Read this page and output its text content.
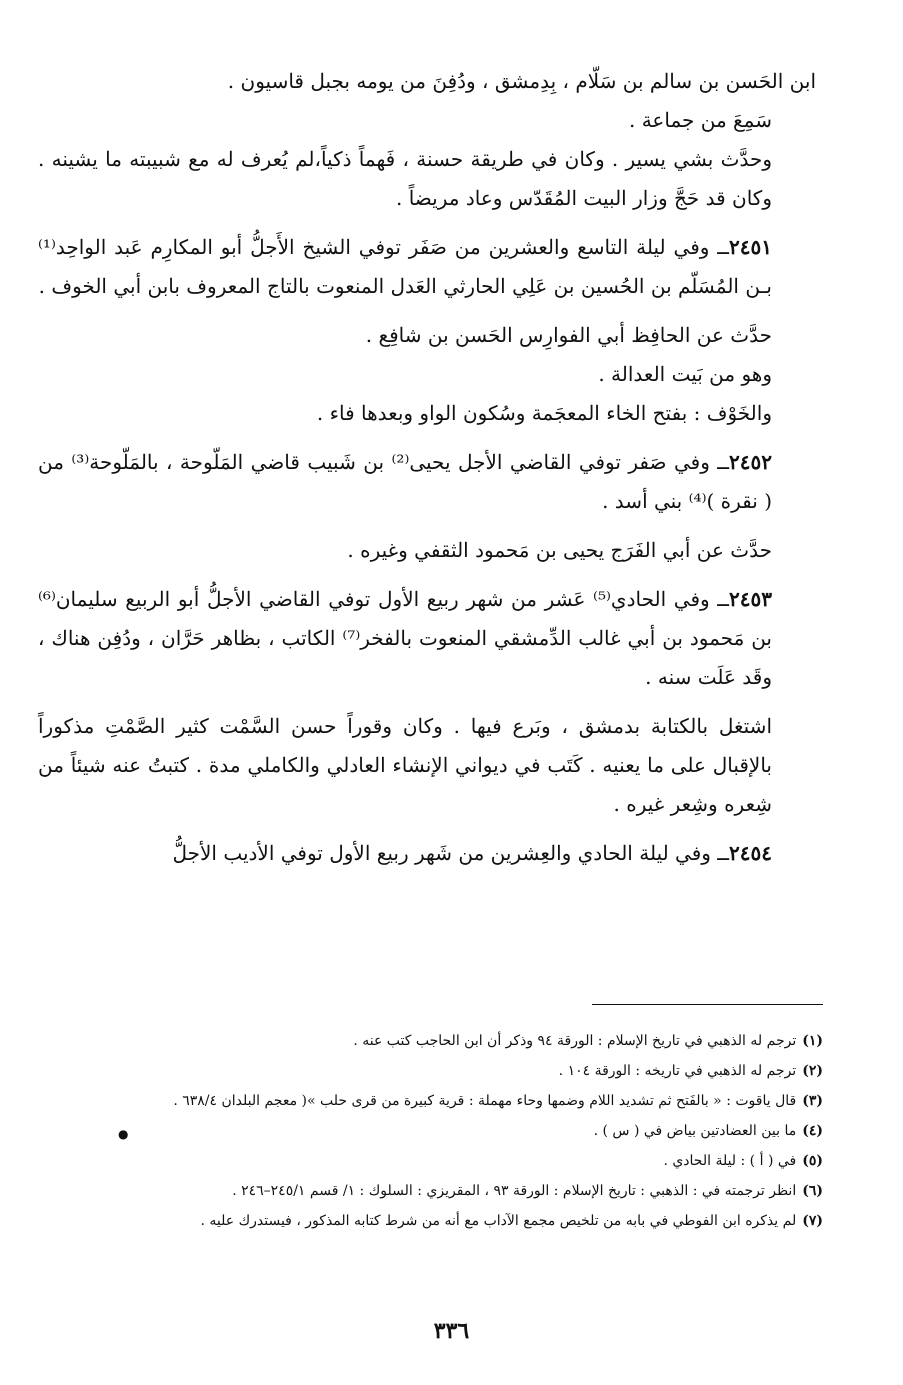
ابن الحَسن بن سالم بن سَلّام ، بِدِمشق ، ودُفِنَ من يومه بجبل قاسيون .

سَمِعَ من جماعة .

وحدَّث بشي يسير . وكان في طريقة حسنة ، فَهماً ذكياً،لم يُعرف له مع شبيبته ما يشينه . وكان قد حَجَّ وزار البيت المُقَدّس وعاد مريضاً .

٢٤٥١ــ وفي ليلة التاسع والعشرين من صَفَر توفي الشيخ الأَجلُّ أبو المكارِم عَبد الواحِد⁽¹⁾ بـن المُسَلّم بن الحُسين بن عَلِي الحارثي العَدل المنعوت بالتاج المعروف بابن أبي الخوف .

حدَّث عن الحافِظ أبي الفوارِس الحَسن بن شافِع .

وهو من بَيت العدالة .

والخَوْف : بفتح الخاء المعجَمة وسُكون الواو وبعدها فاء .

٢٤٥٢ــ وفي صَفر توفي القاضي الأجل يحيى⁽²⁾ بن شَبيب قاضي المَلّوحة ، بالمَلّوحة⁽³⁾ من ( نقرة )⁽⁴⁾ بني أسد .

حدَّث عن أبي الفَرَج يحيى بن مَحمود الثقفي وغيره .

٢٤٥٣ــ وفي الحادي⁽⁵⁾ عَشر من شهر ربيع الأول توفي القاضي الأجلُّ أبو الربيع سليمان⁽⁶⁾ بن مَحمود بن أبي غالب الدِّمشقي المنعوت بالفخر⁽⁷⁾ الكاتب ، بظاهر حَرَّان ، ودُفِن هناك ، وقَد عَلَت سنه .

اشتغل بالكتابة بدمشق ، وبَرع فيها . وكان وقوراً حسن السَّمْت كثير الصَّمْتِ مذكوراً بالإقبال على ما يعنيه . كَتَب في ديواني الإنشاء العادلي والكاملي مدة . كتبتُ عنه شيئاً من شِعره وشِعر غيره .

٢٤٥٤ــ وفي ليلة الحادي والعِشرين من شَهر ربيع الأول توفي الأديب الأجلُّ

(١)ترجم له الذهبي في تاريخ الإسلام : الورقة ٩٤ وذكر أن ابن الحاجب كتب عنه .

(٢)ترجم له الذهبي في تاريخه : الورقة ١٠٤ .

(٣)قال ياقوت : « بالفَتح ثم تشديد اللام وضمها وحاء مهملة : قرية كبيرة من قرى حلب »( معجم البلدان ٦٣٨/٤ .

(٤)ما بين العضادتين بياض في ( س ) .

(٥)في ( أ ) : ليلة الحادي .

(٦)انظر ترجمته في : الذهبي : تاريخ الإسلام : الورقة ٩٣ ، المقريزي : السلوك : ١/ قسم ٢٤٥/١–٢٤٦ .

(٧)لم يذكره ابن الفوطي في بابه من تلخيص مجمع الآداب مع أنه من شرط كتابه المذكور ، فيستدرك عليه .

●
٣٣٦
